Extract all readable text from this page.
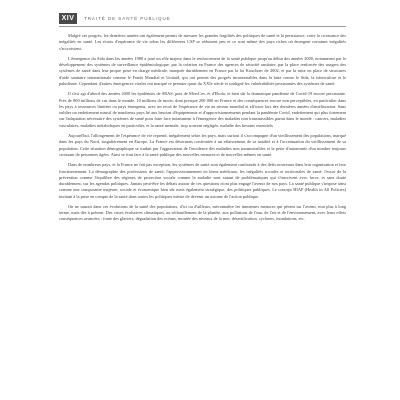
XIV	TRAITÉ DE SANTÉ PUBLIQUE

Malgré ces progrès, les dernières années ont également permis de mesurer les grandes fragilités des politiques de santé et la persistance, voire la croissance des inégalités en santé. Les écarts d'espérance de vie selon les différentes CSP se réduisent peu et ce sont même des pays riches où émergent certaines inégalités s'accroissent.

L'émergence du Sida dans les années 1980 a joué un rôle majeur dans le renforcement de la santé publique jusqu'au début des années 2000, notamment par le développement des systèmes de surveillance épidémiologique, par la création en France des agences de sécurité sanitaire, par la place renforcée des usagers des systèmes de santé dans leur propre prise en charge médicale, marquée durablement en France par la loi Kouchner de 2002, et par la mise en place de structures d'aide sanitaire internationale comme le Fonds Mondial et Unitaid, qui ont permis des progrès incontestables dans la lutte contre le Sida, la tuberculose et le paludisme. Cependant d'autres émergences virales ont marqué ce premier quart du XXIe siècle et souligné les vulnérabilités persistantes des systèmes de santé.

Il s'est agi d'abord des années 2000 les épidémies de SRAS, puis de MersCov, et d'Ebola, et bien sûr la dramatique pandémie de Covid-19 encore persistante. Près de 800 millions de cas dans le monde, 10 millions de morts, dont presque 200 000 en France et des conséquences encore non perceptibles, en particulier dans les pays à ressources limitées ou pays émergents, avec un recul de l'espérance de vie au niveau mondial et efficace lors des dernières années d'amélioration. Sans oublier un endettement massif de nombreux pays lié aux besoins d'équipements et d'approvisionnements pendant la pandémie Covid, endettement qui plus fortement sur l'adaptation nécessaire des systèmes de santé pour faire face notamment à l'émergence des maladies non transmissibles parmi dans le monde : cancers, maladies vasculaires, maladies métaboliques en particulier, et la santé mentale, trop souvent négligée, maladie des besoins essentiels.

Aujourd'hui, l'allongement de l'espérance de vie reprend, inégalement selon les pays, mais surtout il s'accompagne d'un vieillissement des populations, marqué dans les pays du Nord, singulièrement en Europe. La France est désormais confrontée à un affaissement de sa natalité et à l'accentuation du vieillissement de sa population. Cette situation démographique se traduit par l'aggravation de l'incidence des maladies non transmissibles et la perte d'autonomie d'un nombre toujours croissant de personnes âgées. Ainsi se font face à la santé publique des nouvelles menaces et de nouvelles mêmes en santé.

Dans de nombreux pays, et la France ne fait pas exception, les systèmes de santé sont également confrontés à des défis nouveaux dans leur organisation et leur fonctionnement. La démographie des professions de santé, l'approvisionnement en biens médicaux, les inégalités sociales et territoriales de santé, l'essor de la prévention comme l'équilibre des régimes de protection sociale comme la maladie sont autant de problématiques qui s'inscrivent avec force, et sans doute durablement, sur les agendas politiques. Jamais peut-être les débats autour de ces questions n'ont plus engagé l'avenir de nos pays. La santé publique s'impose ainsi comme une composante majeure, sociale et économique bien sûr mais également stratégique, des politiques publiques. Le concept HIAP (Health in All Policies) invitant à la prise en compte de la santé dans toutes les politiques mérite de devenir un axiome de l'action publique.

On ne saurait dans ces évolutions de la santé des populations, d'ici ou d'ailleurs, méconnaître les immenses menaces qui pèsent sur l'avenir, non plus à long terme, mais dès à présent. Des crises évolutives climatiques, au réchauffement de la planète, aux pollutions de l'eau, de l'air et de l'environnement, avec leurs effets conséquences avancées : fonte des glaciers, dégradation des océans, montée des niveaux de la mer, désertification, cyclones, inondations, etc.
